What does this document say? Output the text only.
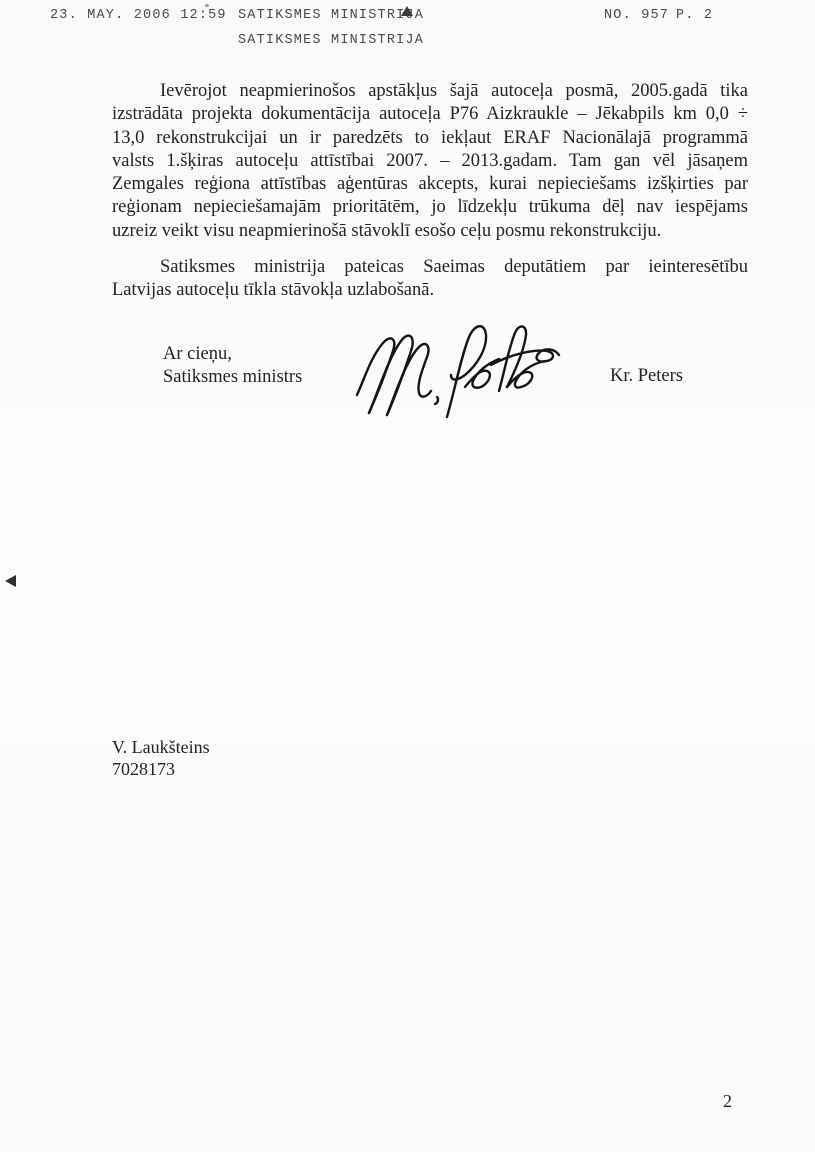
23. MAY. 2006 12:59 SATIKSMES MINISTRIJA	NO. 957 P. 2
SATIKSMES MINISTRIJA
Ievērojot neapmierinošos apstākļus šajā autoceļa posmā, 2005.gadā tika
izstrādāta projekta dokumentācija autoceļa P76 Aizkraukle – Jēkabpils km 0,0 ÷
13,0 rekonstrukcijai un ir paredzēts to iekļaut ERAF Nacionālajā programmā
valsts 1.šķiras autoceļu attīstībai 2007. – 2013.gadam. Tam gan vēl jāsaņem
Zemgales reģiona attīstības aģentūras akcepts, kurai nepieciešams izšķirties par
reģionam nepieciešamajām prioritātēm, jo līdzekļu trūkuma dēļ nav iespējams
uzreiz veikt visu neapmierinošā stāvoklī esošo ceļu posmu rekonstrukciju.
Satiksmes ministrija pateicas Saeimas deputātiem par ieinteresētību
Latvijas autoceļu tīkla stāvokļa uzlabošanā.
Ar cieņu,
Satiksmes ministrs	Kr. Peters
V. Laukšteins
7028173
2
